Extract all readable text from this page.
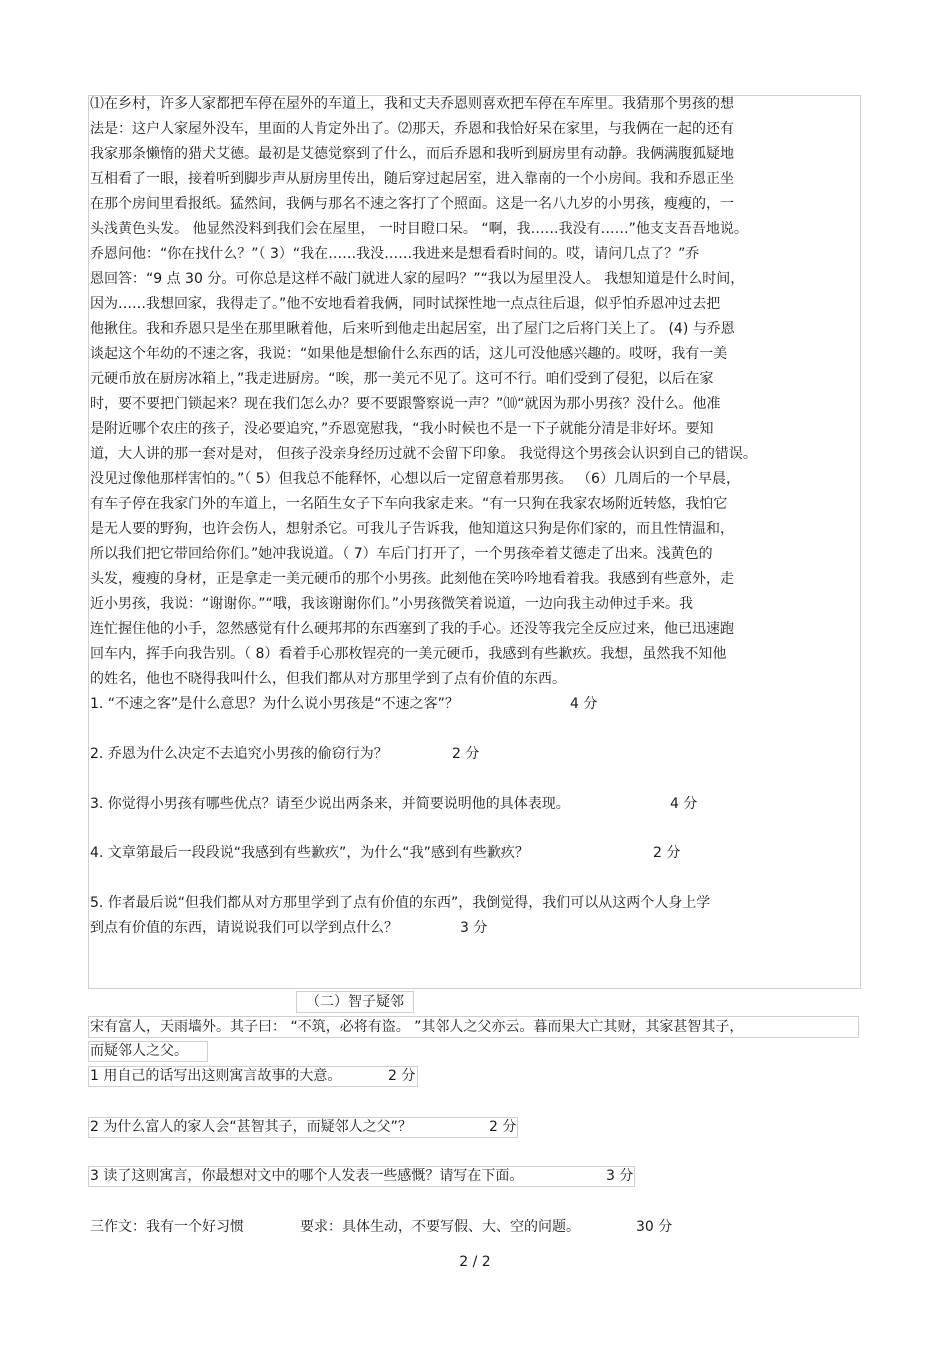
⑴在乡村，许多人家都把车停在屋外的车道上，我和丈夫乔恩则喜欢把车停在车库里。我猜那个男孩的想
法是：这户人家屋外没车，里面的人肯定外出了。⑵那天，乔恩和我恰好呆在家里，与我俩在一起的还有
我家那条懒惰的猎犬艾德。最初是艾德觉察到了什么，而后乔恩和我听到厨房里有动静。我俩满腹狐疑地
互相看了一眼，接着听到脚步声从厨房里传出，随后穿过起居室，进入靠南的一个小房间。我和乔恩正坐
在那个房间里看报纸。猛然间，我俩与那名不速之客打了个照面。这是一名八九岁的小男孩，瘦瘦的，一
头浅黄色头发。 他显然没料到我们会在屋里， 一时目瞪口呆。 “啊，我……我没有……”他支支吾吾地说。
乔恩问他：“你在找什么？”（ 3）“我在……我没……我进来是想看看时间的。哎，请问几点了？”乔
恩回答：“9 点 30 分。可你总是这样不敲门就进人家的屋吗？”“我以为屋里没人。 我想知道是什么时间，
因为……我想回家，我得走了。”他不安地看着我俩，同时试探性地一点点往后退，似乎怕乔恩冲过去把
他揪住。我和乔恩只是坐在那里瞅着他，后来听到他走出起居室，出了屋门之后将门关上了。 (4) 与乔恩
谈起这个年幼的不速之客，我说：“如果他是想偷什么东西的话，这儿可没他感兴趣的。哎呀，我有一美
元硬币放在厨房冰箱上，”我走进厨房。“唉，那一美元不见了。这可不行。咱们受到了侵犯，以后在家
时，要不要把门锁起来？现在我们怎么办？要不要跟警察说一声？”⑽“就因为那小男孩？没什么。他准
是附近哪个农庄的孩子，没必要追究，”乔恩宽慰我，“我小时候也不是一下子就能分清是非好坏。要知
道，大人讲的那一套对是对， 但孩子没亲身经历过就不会留下印象。 我觉得这个男孩会认识到自己的错误。
没见过像他那样害怕的。”（ 5）但我总不能释怀，心想以后一定留意着那男孩。 （6）几周后的一个早晨，
有车子停在我家门外的车道上，一名陌生女子下车向我家走来。“有一只狗在我家农场附近转悠，我怕它
是无人要的野狗，也许会伤人，想射杀它。可我儿子告诉我，他知道这只狗是你们家的，而且性情温和，
所以我们把它带回给你们。”她冲我说道。（ 7）车后门打开了，一个男孩牵着艾德走了出来。浅黄色的
头发，瘦瘦的身材，正是拿走一美元硬币的那个小男孩。此刻他在笑吟吟地看着我。我感到有些意外，走
近小男孩，我说：“谢谢你。”“哦，我该谢谢你们。”小男孩微笑着说道，一边向我主动伸过手来。我
连忙握住他的小手，忽然感觉有什么硬邦邦的东西塞到了我的手心。还没等我完全反应过来，他已迅速跑
回车内，挥手向我告别。（ 8）看着手心那枚锃亮的一美元硬币，我感到有些歉疚。我想，虽然我不知他
的姓名，他也不晓得我叫什么，但我们都从对方那里学到了点有价值的东西。
1. “不速之客”是什么意思？为什么说小男孩是“不速之客”？	4 分
2. 乔恩为什么决定不去追究小男孩的偷窃行为？	2 分
3. 你觉得小男孩有哪些优点？请至少说出两条来，并简要说明他的具体表现。	4 分
4. 文章第最后一段段说“我感到有些歉疚”，为什么“我”感到有些歉疚？	2 分
5. 作者最后说“但我们都从对方那里学到了点有价值的东西”，我倒觉得，我们可以从这两个人身上学
到点有价值的东西，请说说我们可以学到点什么？	3 分
（二）智子疑邻
宋有富人，天雨墙外。其子曰： “不筑，必将有盗。 ”其邻人之父亦云。暮而果大亡其财，其家甚智其子，
而疑邻人之父。
1 用自己的话写出这则寓言故事的大意。	2 分
2 为什么富人的家人会“甚智其子，而疑邻人之父”？	2 分
3 读了这则寓言，你最想对文中的哪个人发表一些感慨？请写在下面。	3 分
三作文：我有一个好习惯	要求：具体生动，不要写假、大、空的问题。	30 分
2 / 2
